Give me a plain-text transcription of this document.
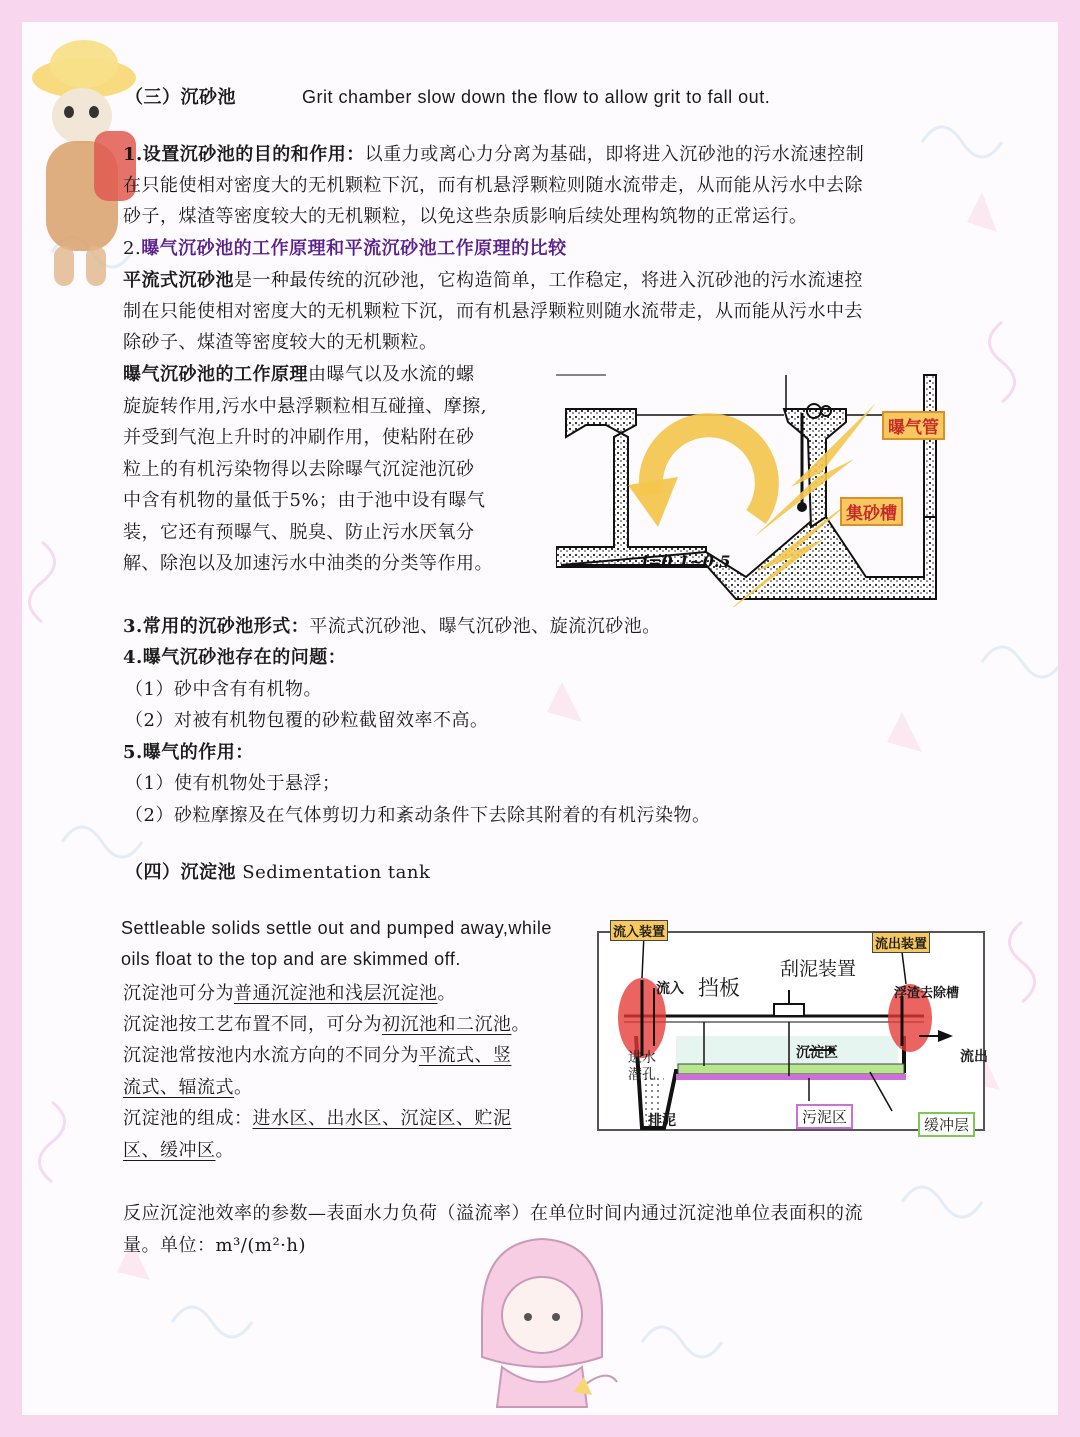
（三）沉砂池	Grit chamber slow down the flow to allow grit to fall out.
1.设置沉砂池的目的和作用：以重力或离心力分离为基础，即将进入沉砂池的污水流速控制
在只能使相对密度大的无机颗粒下沉，而有机悬浮颗粒则随水流带走，从而能从污水中去除
砂子，煤渣等密度较大的无机颗粒，以免这些杂质影响后续处理构筑物的正常运行。
2.曝气沉砂池的工作原理和平流沉砂池工作原理的比较
平流式沉砂池是一种最传统的沉砂池，它构造简单，工作稳定，将进入沉砂池的污水流速控
制在只能使相对密度大的无机颗粒下沉，而有机悬浮颗粒则随水流带走，从而能从污水中去
除砂子、煤渣等密度较大的无机颗粒。
曝气沉砂池的工作原理由曝气以及水流的螺
旋旋转作用,污水中悬浮颗粒相互碰撞、摩擦,
并受到气泡上升时的冲刷作用，使粘附在砂
粒上的有机污染物得以去除曝气沉淀池沉砂
中含有机物的量低于5%；由于池中设有曝气
装，它还有预曝气、脱臭、防止污水厌氧分
解、除泡以及加速污水中油类的分类等作用。	i=0.1~0.5
曝气管
集砂槽
3.常用的沉砂池形式：平流式沉砂池、曝气沉砂池、旋流沉砂池。
4.曝气沉砂池存在的问题：
（1）砂中含有有机物。
（2）对被有机物包覆的砂粒截留效率不高。
5.曝气的作用：
（1）使有机物处于悬浮；
（2）砂粒摩擦及在气体剪切力和紊动条件下去除其附着的有机污染物。
（四）沉淀池 Sedimentation tank
Settleable solids settle out and pumped away,while
oils float to the top and are skimmed off.
沉淀池可分为普通沉淀池和浅层沉淀池。
沉淀池按工艺布置不同，可分为初沉池和二沉池。
沉淀池常按池内水流方向的不同分为平流式、竖
流式、辐流式。
沉淀池的组成：进水区、出水区、沉淀区、贮泥
区、缓冲区。
流入装置
流出装置
流入 挡板
刮泥装置
浮渣去除槽
进水潜孔
沉淀区	流出
排泥	污泥区	缓冲层
反应沉淀池效率的参数—表面水力负荷（溢流率）在单位时间内通过沉淀池单位表面积的流
量。单位：m³/(m²·h)
